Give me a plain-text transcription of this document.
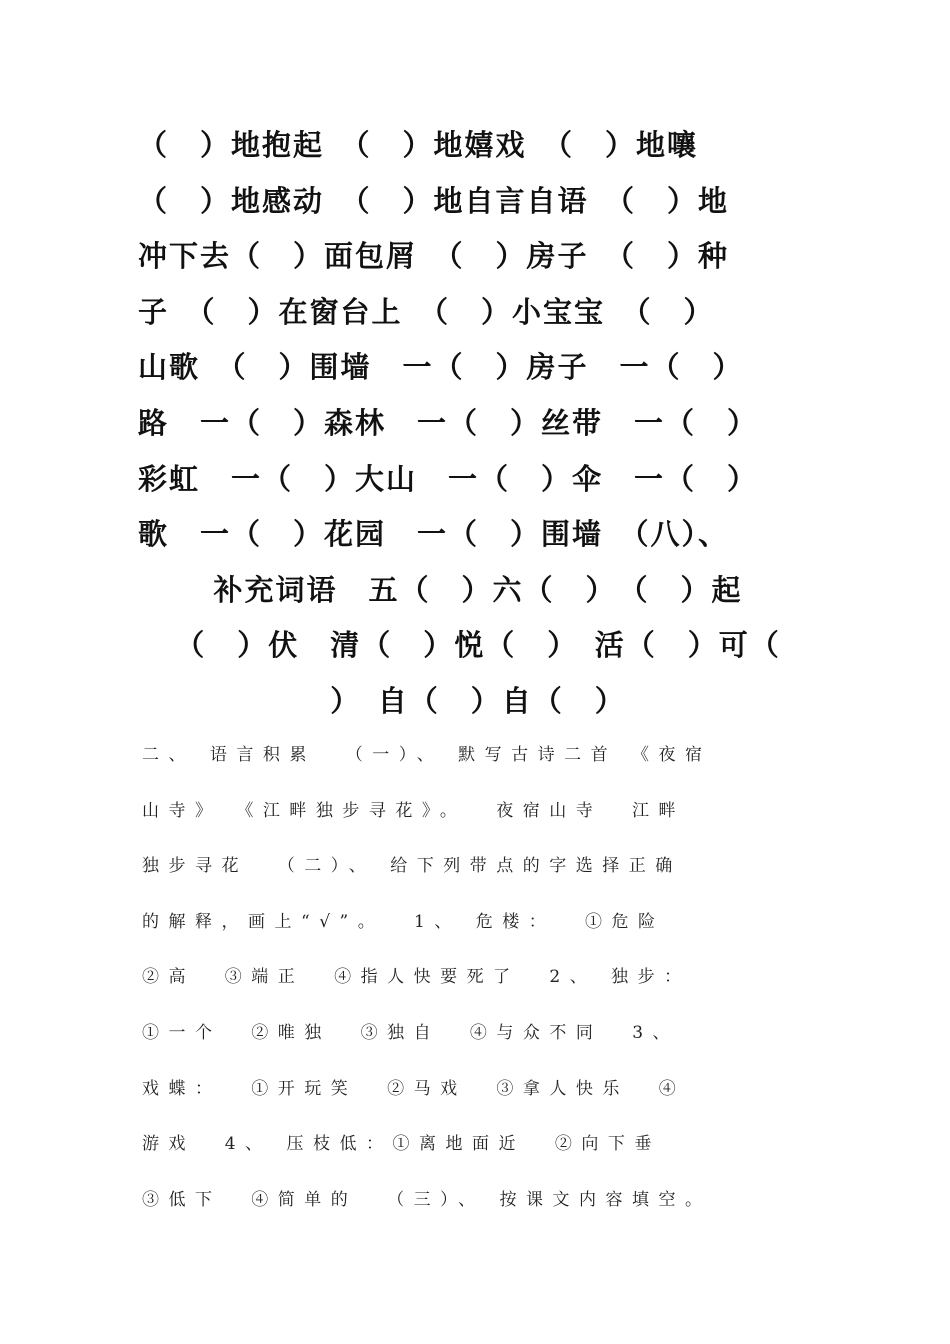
（　）地抱起　（　）地嬉戏　（　）地嚷
（　）地感动　（　）地自言自语　（　）地
冲下去（　）面包屑　（　）房子　（　）种
子　（　）在窗台上　（　）小宝宝　（　）
山歌　（　）围墙　一（　）房子　一（　）
路　一（　）森林　一（　）丝带　一（　）
彩虹　一（　）大山　一（　）伞　一（　）
歌　一（　）花园　一（　）围墙　（八）、
补充词语　五（　）六（　）　（　）起
（　）伏　清（　）悦（　）　活（　）可（
）　自（　）自（　）
二、 语言积累  （一）、 默写古诗二首 《夜宿
山寺》 《江畔独步寻花》。  夜宿山寺  江畔
独步寻花  （二）、 给下列带点的字选择正确
的解释，画上“√”。  1、 危楼：  ①危险
②高  ③端正  ④指人快要死了  2、 独步：
①一个  ②唯独  ③独自  ④与众不同  3、
戏蝶：  ①开玩笑  ②马戏  ③拿人快乐  ④
游戏  4、 压枝低：①离地面近  ②向下垂
③低下  ④简单的  （三）、 按课文内容填空。
